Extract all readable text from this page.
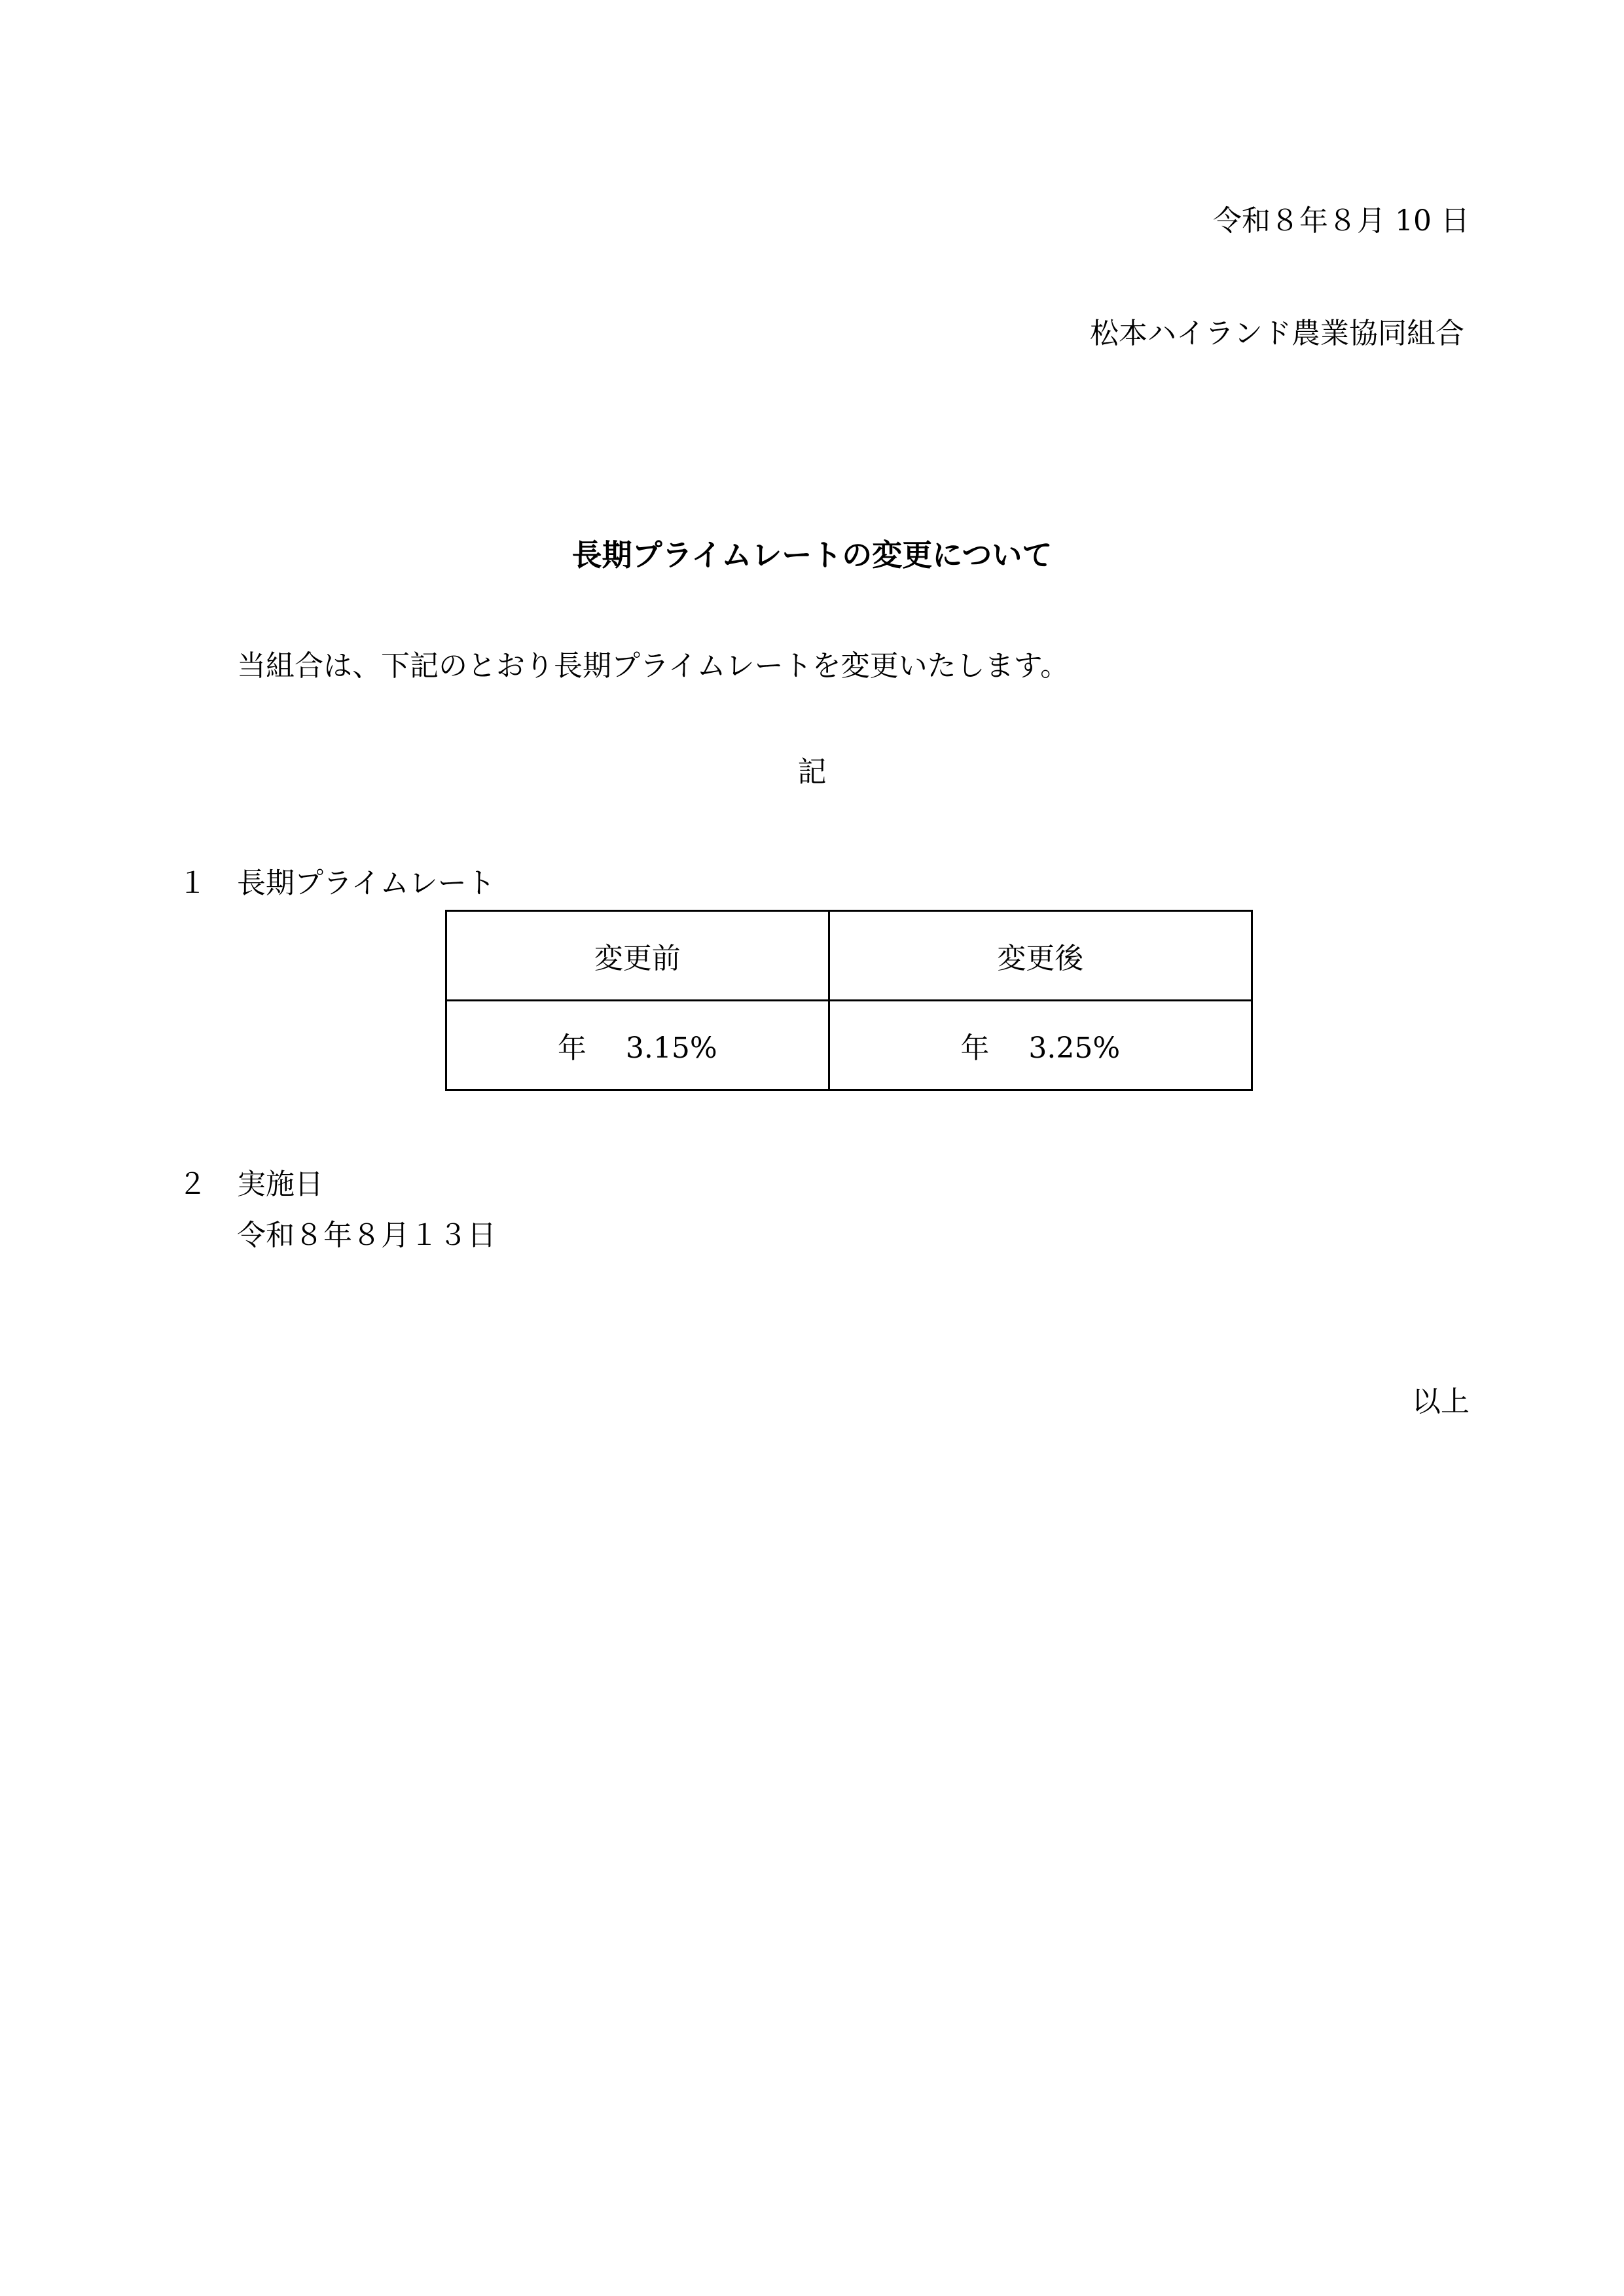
令和８年８月 10 日
松本ハイランド農業協同組合
長期プライムレートの変更について
当組合は、下記のとおり長期プライムレートを変更いたします。
記
１ 長期プライムレート
変更前	変更後
年 3.15%	年 3.25%
２ 実施日
令和８年８月１３日
以上
